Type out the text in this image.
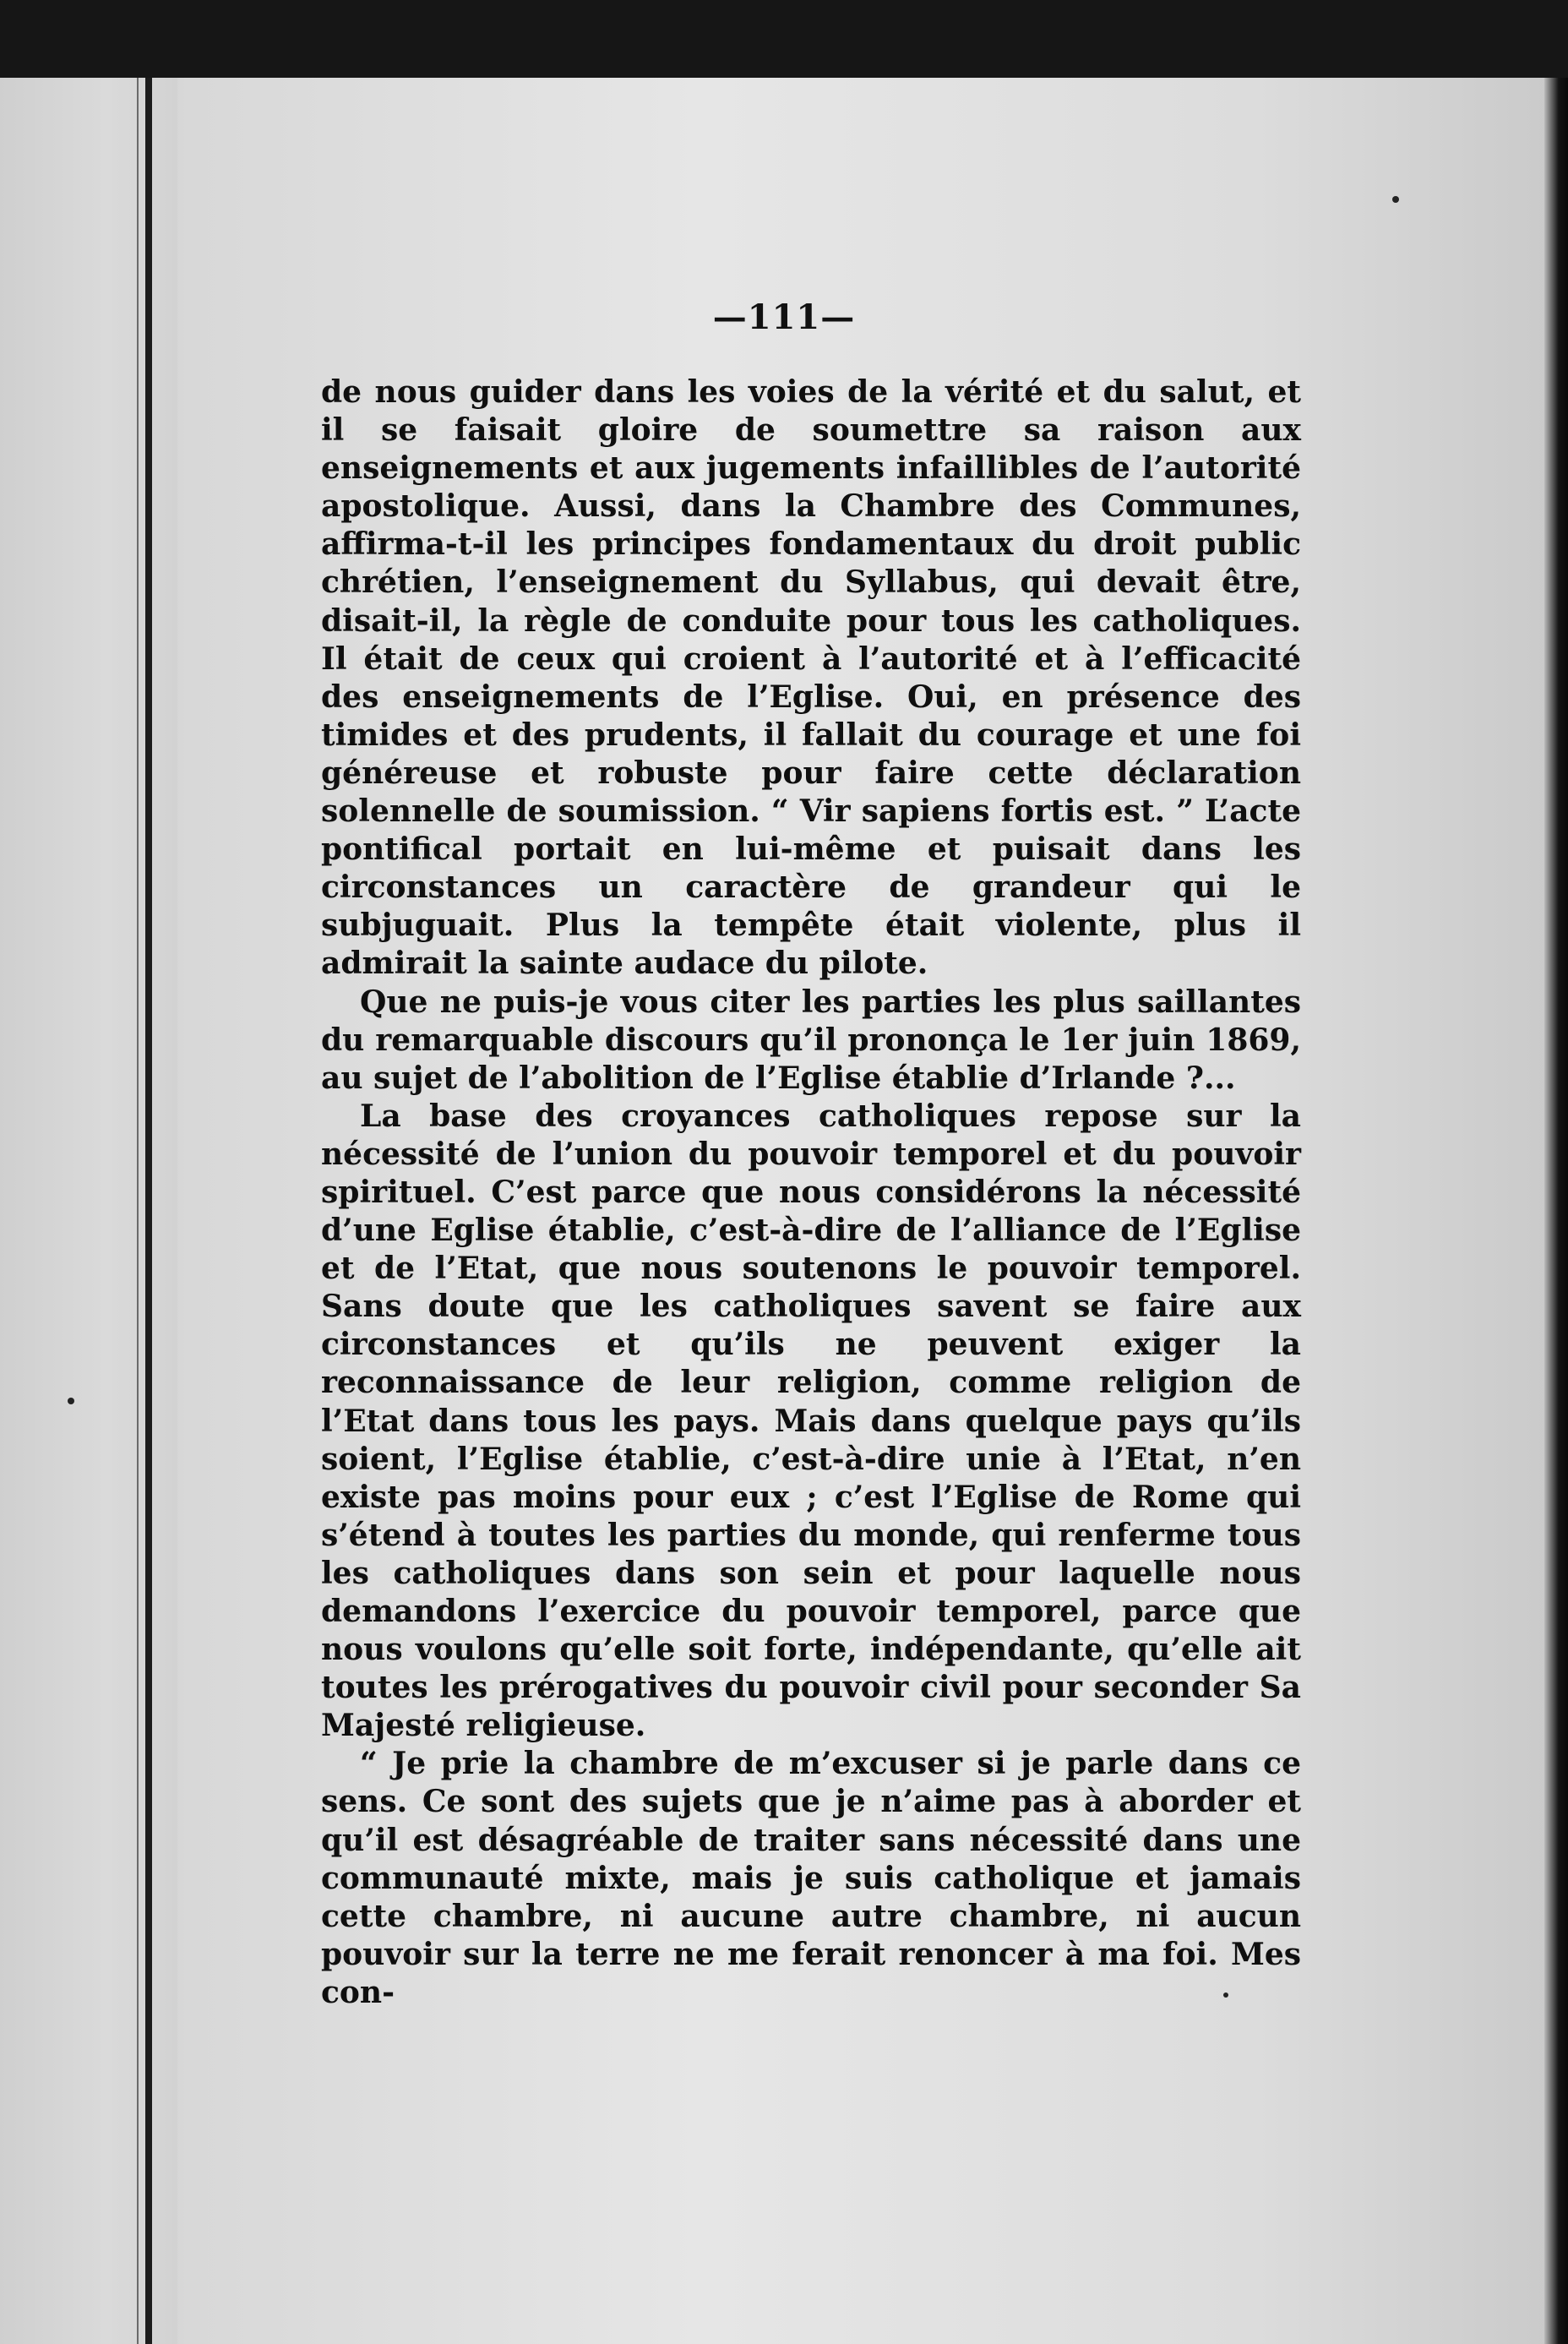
—111—

de nous guider dans les voies de la vérité et du salut, et il se faisait gloire de soumettre sa raison aux enseignements et aux jugements infaillibles de l’autorité apostolique. Aussi, dans la Chambre des Communes, affirma-t-il les principes fondamentaux du droit public chrétien, l’enseignement du Syllabus, qui devait être, disait-il, la règle de conduite pour tous les catholiques. Il était de ceux qui croient à l’autorité et à l’efficacité des enseignements de l’Eglise. Oui, en présence des timides et des prudents, il fallait du courage et une foi généreuse et robuste pour faire cette déclaration solennelle de soumission. “ Vir sapiens fortis est. ” L’acte pontifical portait en lui-même et puisait dans les circonstances un caractère de grandeur qui le subjuguait. Plus la tempête était violente, plus il admirait la sainte audace du pilote.

Que ne puis-je vous citer les parties les plus saillantes du remarquable discours qu’il prononça le 1er juin 1869, au sujet de l’abolition de l’Eglise établie d’Irlande ?...

La base des croyances catholiques repose sur la nécessité de l’union du pouvoir temporel et du pouvoir spirituel. C’est parce que nous considérons la nécessité d’une Eglise établie, c’est-à-dire de l’alliance de l’Eglise et de l’Etat, que nous soutenons le pouvoir temporel. Sans doute que les catholiques savent se faire aux circonstances et qu’ils ne peuvent exiger la reconnaissance de leur religion, comme religion de l’Etat dans tous les pays. Mais dans quelque pays qu’ils soient, l’Eglise établie, c’est-à-dire unie à l’Etat, n’en existe pas moins pour eux ; c’est l’Eglise de Rome qui s’étend à toutes les parties du monde, qui renferme tous les catholiques dans son sein et pour laquelle nous demandons l’exercice du pouvoir temporel, parce que nous voulons qu’elle soit forte, indépendante, qu’elle ait toutes les prérogatives du pouvoir civil pour seconder Sa Majesté religieuse.

“ Je prie la chambre de m’excuser si je parle dans ce sens. Ce sont des sujets que je n’aime pas à aborder et qu’il est désagréable de traiter sans nécessité dans une communauté mixte, mais je suis catholique et jamais cette chambre, ni aucune autre chambre, ni aucun pouvoir sur la terre ne me ferait renoncer à ma foi. Mes con-
